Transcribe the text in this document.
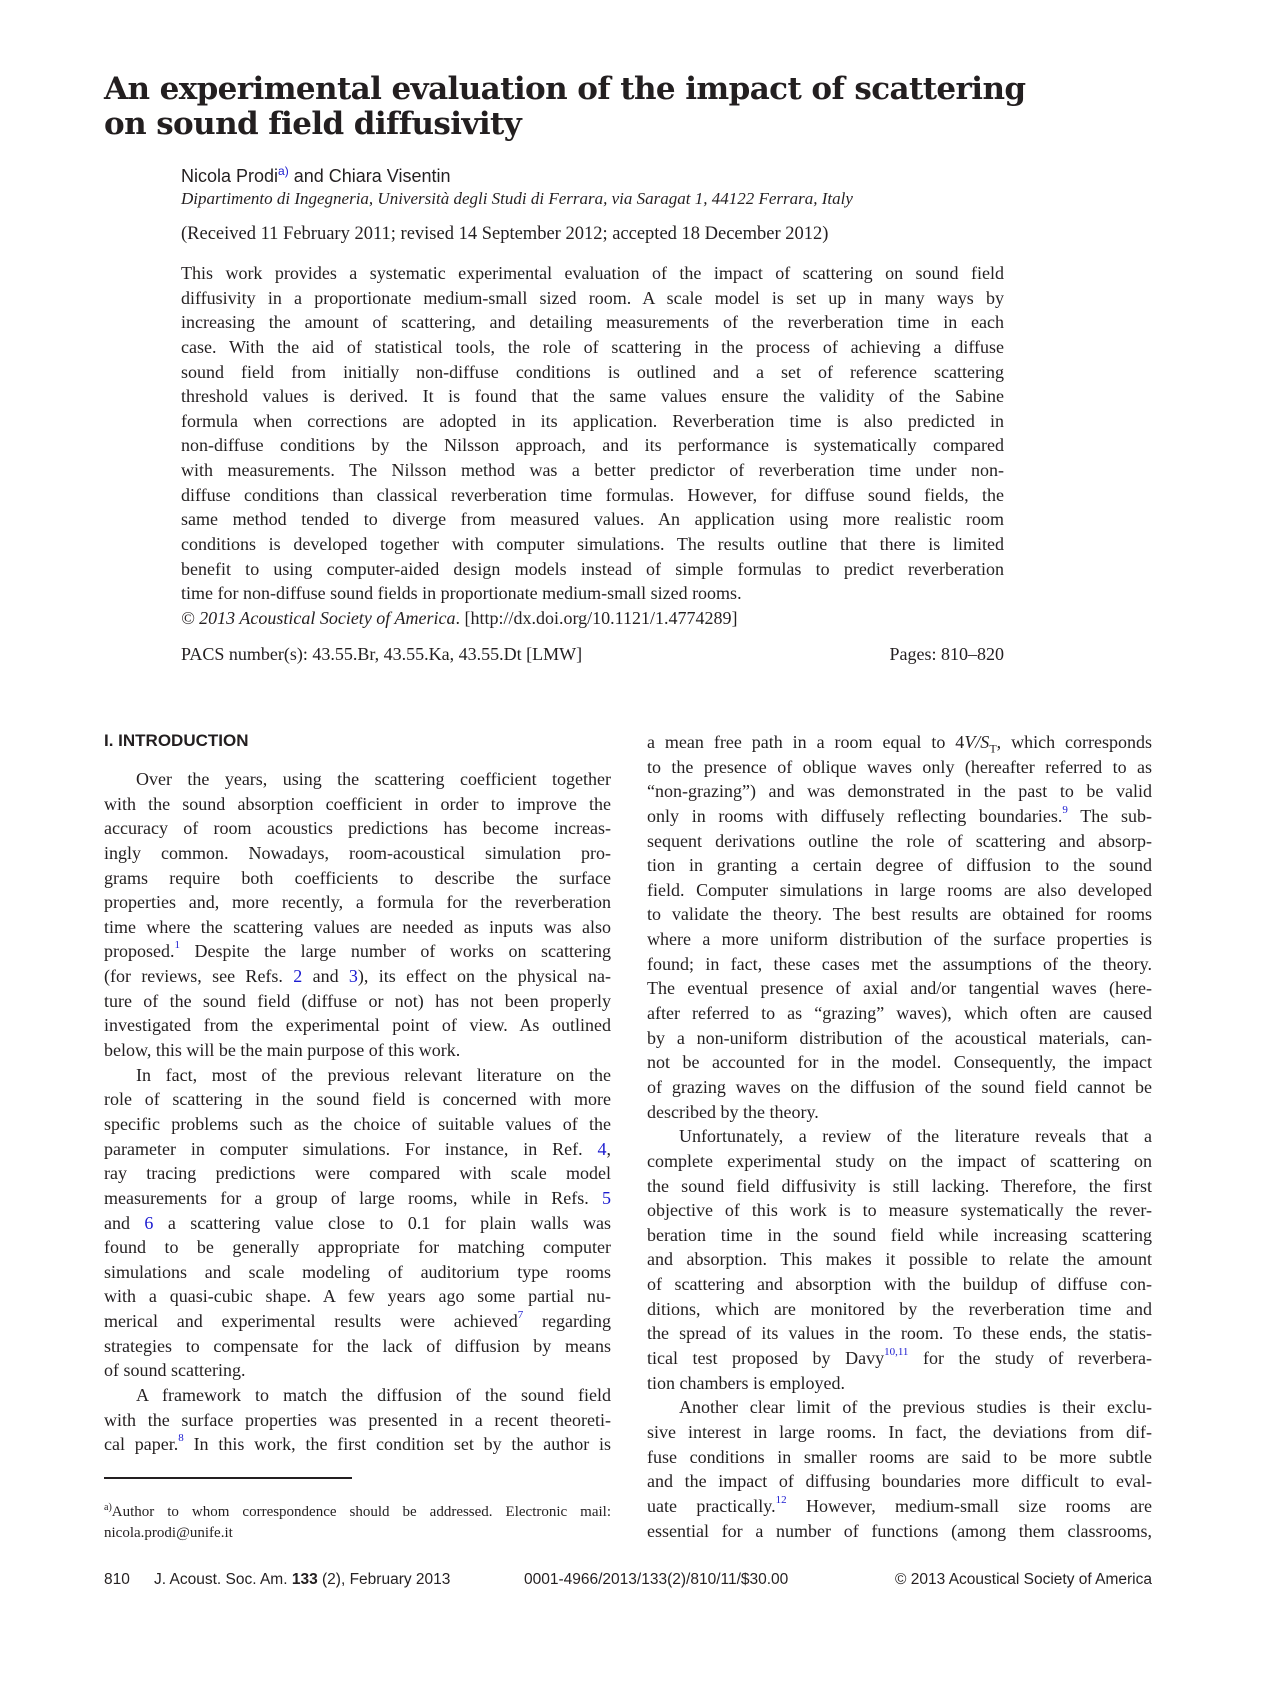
An experimental evaluation of the impact of scattering
on sound field diffusivity
Nicola Prodi$^{a)}$ and Chiara Visentin
Dipartimento di Ingegneria, Università degli Studi di Ferrara, via Saragat 1, 44122 Ferrara, Italy
(Received 11 February 2011; revised 14 September 2012; accepted 18 December 2012)
This work provides a systematic experimental evaluation of the impact of scattering on sound field
diffusivity in a proportionate medium-small sized room. A scale model is set up in many ways by
increasing the amount of scattering, and detailing measurements of the reverberation time in each
case. With the aid of statistical tools, the role of scattering in the process of achieving a diffuse
sound field from initially non-diffuse conditions is outlined and a set of reference scattering
threshold values is derived. It is found that the same values ensure the validity of the Sabine
formula when corrections are adopted in its application. Reverberation time is also predicted in
non-diffuse conditions by the Nilsson approach, and its performance is systematically compared
with measurements. The Nilsson method was a better predictor of reverberation time under non-
diffuse conditions than classical reverberation time formulas. However, for diffuse sound fields, the
same method tended to diverge from measured values. An application using more realistic room
conditions is developed together with computer simulations. The results outline that there is limited
benefit to using computer-aided design models instead of simple formulas to predict reverberation
time for non-diffuse sound fields in proportionate medium-small sized rooms.
© 2013 Acoustical Society of America. [http://dx.doi.org/10.1121/1.4774289]
PACS number(s): 43.55.Br, 43.55.Ka, 43.55.Dt [LMW]	Pages: 810–820
I. INTRODUCTION
Over the years, using the scattering coefficient together
with the sound absorption coefficient in order to improve the
accuracy of room acoustics predictions has become increas-
ingly common. Nowadays, room-acoustical simulation pro-
grams require both coefficients to describe the surface
properties and, more recently, a formula for the reverberation
time where the scattering values are needed as inputs was also
proposed.$^1$ Despite the large number of works on scattering
(for reviews, see Refs. 2 and 3), its effect on the physical na-
ture of the sound field (diffuse or not) has not been properly
investigated from the experimental point of view. As outlined
below, this will be the main purpose of this work.
In fact, most of the previous relevant literature on the
role of scattering in the sound field is concerned with more
specific problems such as the choice of suitable values of the
parameter in computer simulations. For instance, in Ref. 4,
ray tracing predictions were compared with scale model
measurements for a group of large rooms, while in Refs. 5
and 6 a scattering value close to 0.1 for plain walls was
found to be generally appropriate for matching computer
simulations and scale modeling of auditorium type rooms
with a quasi-cubic shape. A few years ago some partial nu-
merical and experimental results were achieved$^7$ regarding
strategies to compensate for the lack of diffusion by means
of sound scattering.
A framework to match the diffusion of the sound field
with the surface properties was presented in a recent theoreti-
cal paper.$^8$ In this work, the first condition set by the author is
a mean free path in a room equal to $4V/S_T$, which corresponds
to the presence of oblique waves only (hereafter referred to as
“non-grazing”) and was demonstrated in the past to be valid
only in rooms with diffusely reflecting boundaries.$^9$ The sub-
sequent derivations outline the role of scattering and absorp-
tion in granting a certain degree of diffusion to the sound
field. Computer simulations in large rooms are also developed
to validate the theory. The best results are obtained for rooms
where a more uniform distribution of the surface properties is
found; in fact, these cases met the assumptions of the theory.
The eventual presence of axial and/or tangential waves (here-
after referred to as “grazing” waves), which often are caused
by a non-uniform distribution of the acoustical materials, can-
not be accounted for in the model. Consequently, the impact
of grazing waves on the diffusion of the sound field cannot be
described by the theory.
Unfortunately, a review of the literature reveals that a
complete experimental study on the impact of scattering on
the sound field diffusivity is still lacking. Therefore, the first
objective of this work is to measure systematically the rever-
beration time in the sound field while increasing scattering
and absorption. This makes it possible to relate the amount
of scattering and absorption with the buildup of diffuse con-
ditions, which are monitored by the reverberation time and
the spread of its values in the room. To these ends, the statis-
tical test proposed by Davy$^{10,11}$ for the study of reverbera-
tion chambers is employed.
Another clear limit of the previous studies is their exclu-
sive interest in large rooms. In fact, the deviations from dif-
fuse conditions in smaller rooms are said to be more subtle
and the impact of diffusing boundaries more difficult to eval-
uate practically.$^{12}$ However, medium-small size rooms are
essential for a number of functions (among them classrooms,
$^{a)}$Author to whom correspondence should be addressed. Electronic mail:
nicola.prodi@unife.it
810	J. Acoust. Soc. Am. 133 (2), February 2013	0001-4966/2013/133(2)/810/11/$30.00	© 2013 Acoustical Society of America
